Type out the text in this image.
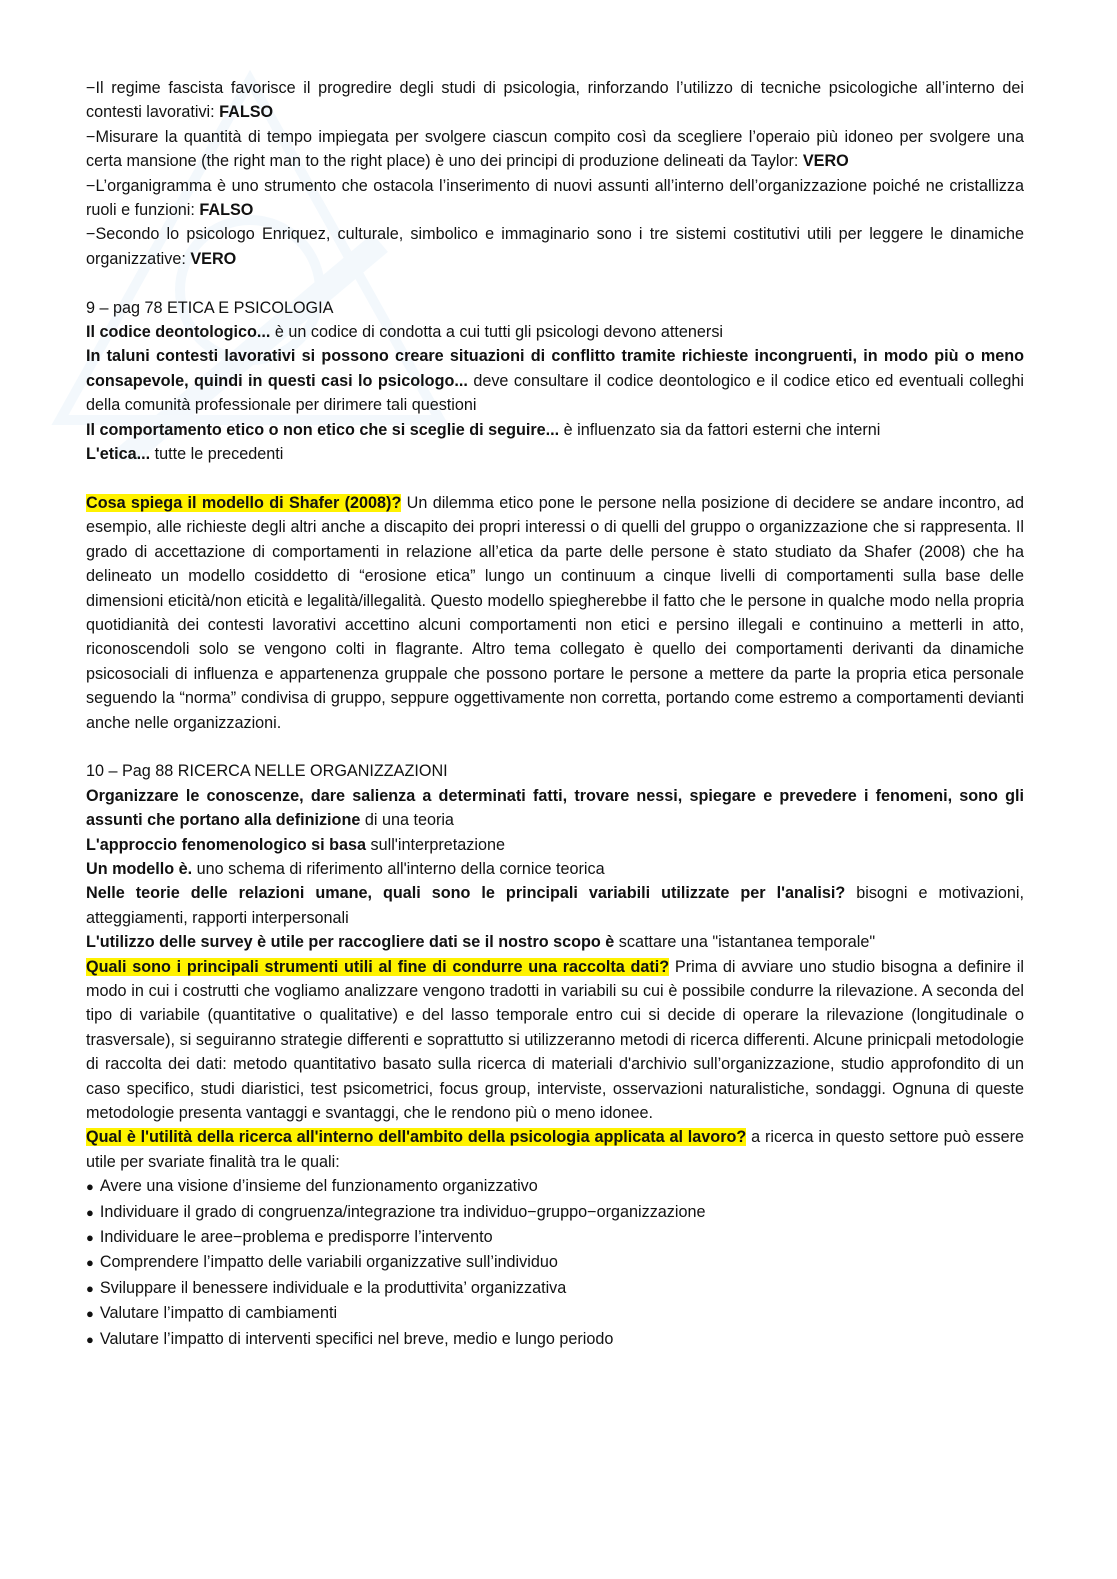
−Il regime fascista favorisce il progredire degli studi di psicologia, rinforzando l’utilizzo di tecniche psicologiche all’interno dei contesti lavorativi: FALSO

−Misurare la quantità di tempo impiegata per svolgere ciascun compito così da scegliere l’operaio più idoneo per svolgere una certa mansione (the right man to the right place) è uno dei principi di produzione delineati da Taylor: VERO

−L’organigramma è uno strumento che ostacola l’inserimento di nuovi assunti all’interno dell’organizzazione poiché ne cristallizza ruoli e funzioni: FALSO

−Secondo lo psicologo Enriquez, culturale, simbolico e immaginario sono i tre sistemi costitutivi utili per leggere le dinamiche organizzative: VERO

9 – pag 78 ETICA E PSICOLOGIA

Il codice deontologico... è un codice di condotta a cui tutti gli psicologi devono attenersi

In taluni contesti lavorativi si possono creare situazioni di conflitto tramite richieste incongruenti, in modo più o meno consapevole, quindi in questi casi lo psicologo... deve consultare il codice deontologico e il codice etico ed eventuali colleghi della comunità professionale per dirimere tali questioni

Il comportamento etico o non etico che si sceglie di seguire... è influenzato sia da fattori esterni che interni

L'etica... tutte le precedenti

Cosa spiega il modello di Shafer (2008)? Un dilemma etico pone le persone nella posizione di decidere se andare incontro, ad esempio, alle richieste degli altri anche a discapito dei propri interessi o di quelli del gruppo o organizzazione che si rappresenta. Il grado di accettazione di comportamenti in relazione all’etica da parte delle persone è stato studiato da Shafer (2008) che ha delineato un modello cosiddetto di “erosione etica” lungo un continuum a cinque livelli di comportamenti sulla base delle dimensioni eticità/non eticità e legalità/illegalità. Questo modello spiegherebbe il fatto che le persone in qualche modo nella propria quotidianità dei contesti lavorativi accettino alcuni comportamenti non etici e persino illegali e continuino a metterli in atto, riconoscendoli solo se vengono colti in flagrante. Altro tema collegato è quello dei comportamenti derivanti da dinamiche psicosociali di influenza e appartenenza gruppale che possono portare le persone a mettere da parte la propria etica personale seguendo la “norma” condivisa di gruppo, seppure oggettivamente non corretta, portando come estremo a comportamenti devianti anche nelle organizzazioni.

10 – Pag 88 RICERCA NELLE ORGANIZZAZIONI

Organizzare le conoscenze, dare salienza a determinati fatti, trovare nessi, spiegare e prevedere i fenomeni, sono gli assunti che portano alla definizione di una teoria

L'approccio fenomenologico si basa sull'interpretazione

Un modello è. uno schema di riferimento all'interno della cornice teorica

Nelle teorie delle relazioni umane, quali sono le principali variabili utilizzate per l'analisi? bisogni e motivazioni, atteggiamenti, rapporti interpersonali

L'utilizzo delle survey è utile per raccogliere dati se il nostro scopo è scattare una "istantanea temporale"

Quali sono i principali strumenti utili al fine di condurre una raccolta dati? Prima di avviare uno studio bisogna a definire il modo in cui i costrutti che vogliamo analizzare vengono tradotti in variabili su cui è possibile condurre la rilevazione. A seconda del tipo di variabile (quantitative o qualitative) e del lasso temporale entro cui si decide di operare la rilevazione (longitudinale o trasversale), si seguiranno strategie differenti e soprattutto si utilizzeranno metodi di ricerca differenti. Alcune prinicpali metodologie di raccolta dei dati: metodo quantitativo basato sulla ricerca di materiali d'archivio sull’organizzazione, studio approfondito di un caso specifico, studi diaristici, test psicometrici, focus group, interviste, osservazioni naturalistiche, sondaggi. Ognuna di queste metodologie presenta vantaggi e svantaggi, che le rendono più o meno idonee.

Qual è l'utilità della ricerca all'interno dell'ambito della psicologia applicata al lavoro? a ricerca in questo settore può essere utile per svariate finalità tra le quali:

● Avere una visione d’insieme del funzionamento organizzativo
● Individuare il grado di congruenza/integrazione tra individuo−gruppo−organizzazione
● Individuare le aree−problema e predisporre l’intervento
● Comprendere l’impatto delle variabili organizzative sull’individuo
● Sviluppare il benessere individuale e la produttivita’ organizzativa
● Valutare l’impatto di cambiamenti
● Valutare l’impatto di interventi specifici nel breve, medio e lungo periodo
